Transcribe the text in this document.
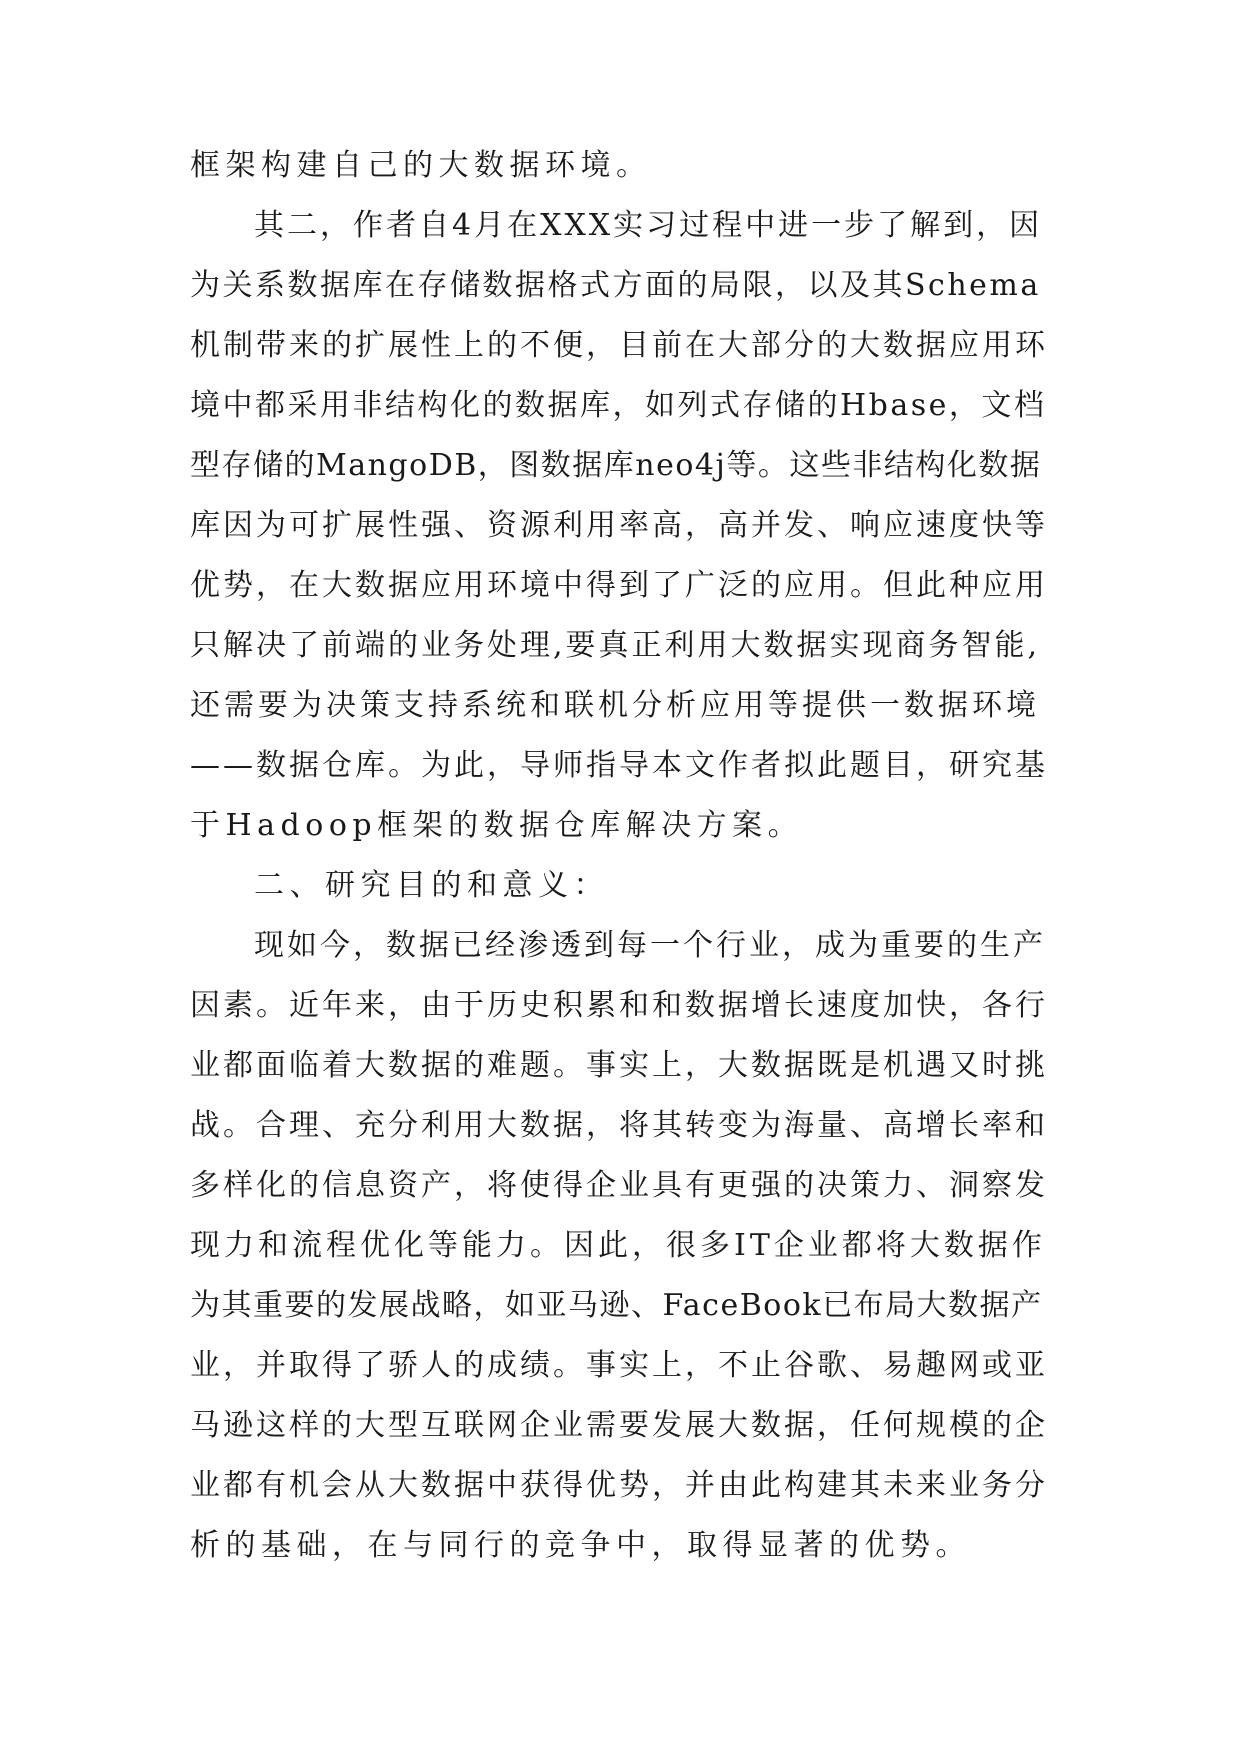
框架构建自己的大数据环境。
其二，作者自4月在XXX实习过程中进一步了解到，因
为关系数据库在存储数据格式方面的局限，以及其Schema
机制带来的扩展性上的不便，目前在大部分的大数据应用环
境中都采用非结构化的数据库，如列式存储的Hbase，文档
型存储的MangoDB，图数据库neo4j等。这些非结构化数据
库因为可扩展性强、资源利用率高，高并发、响应速度快等
优势，在大数据应用环境中得到了广泛的应用。但此种应用
只解决了前端的业务处理,要真正利用大数据实现商务智能,
还需要为决策支持系统和联机分析应用等提供一数据环境
——数据仓库。为此，导师指导本文作者拟此题目，研究基
于Hadoop框架的数据仓库解决方案。
二、研究目的和意义：
现如今，数据已经渗透到每一个行业，成为重要的生产
因素。近年来，由于历史积累和和数据增长速度加快，各行
业都面临着大数据的难题。事实上，大数据既是机遇又时挑
战。合理、充分利用大数据，将其转变为海量、高增长率和
多样化的信息资产，将使得企业具有更强的决策力、洞察发
现力和流程优化等能力。因此，很多IT企业都将大数据作
为其重要的发展战略，如亚马逊、FaceBook已布局大数据产
业，并取得了骄人的成绩。事实上，不止谷歌、易趣网或亚
马逊这样的大型互联网企业需要发展大数据，任何规模的企
业都有机会从大数据中获得优势，并由此构建其未来业务分
析的基础，在与同行的竞争中，取得显著的优势。
